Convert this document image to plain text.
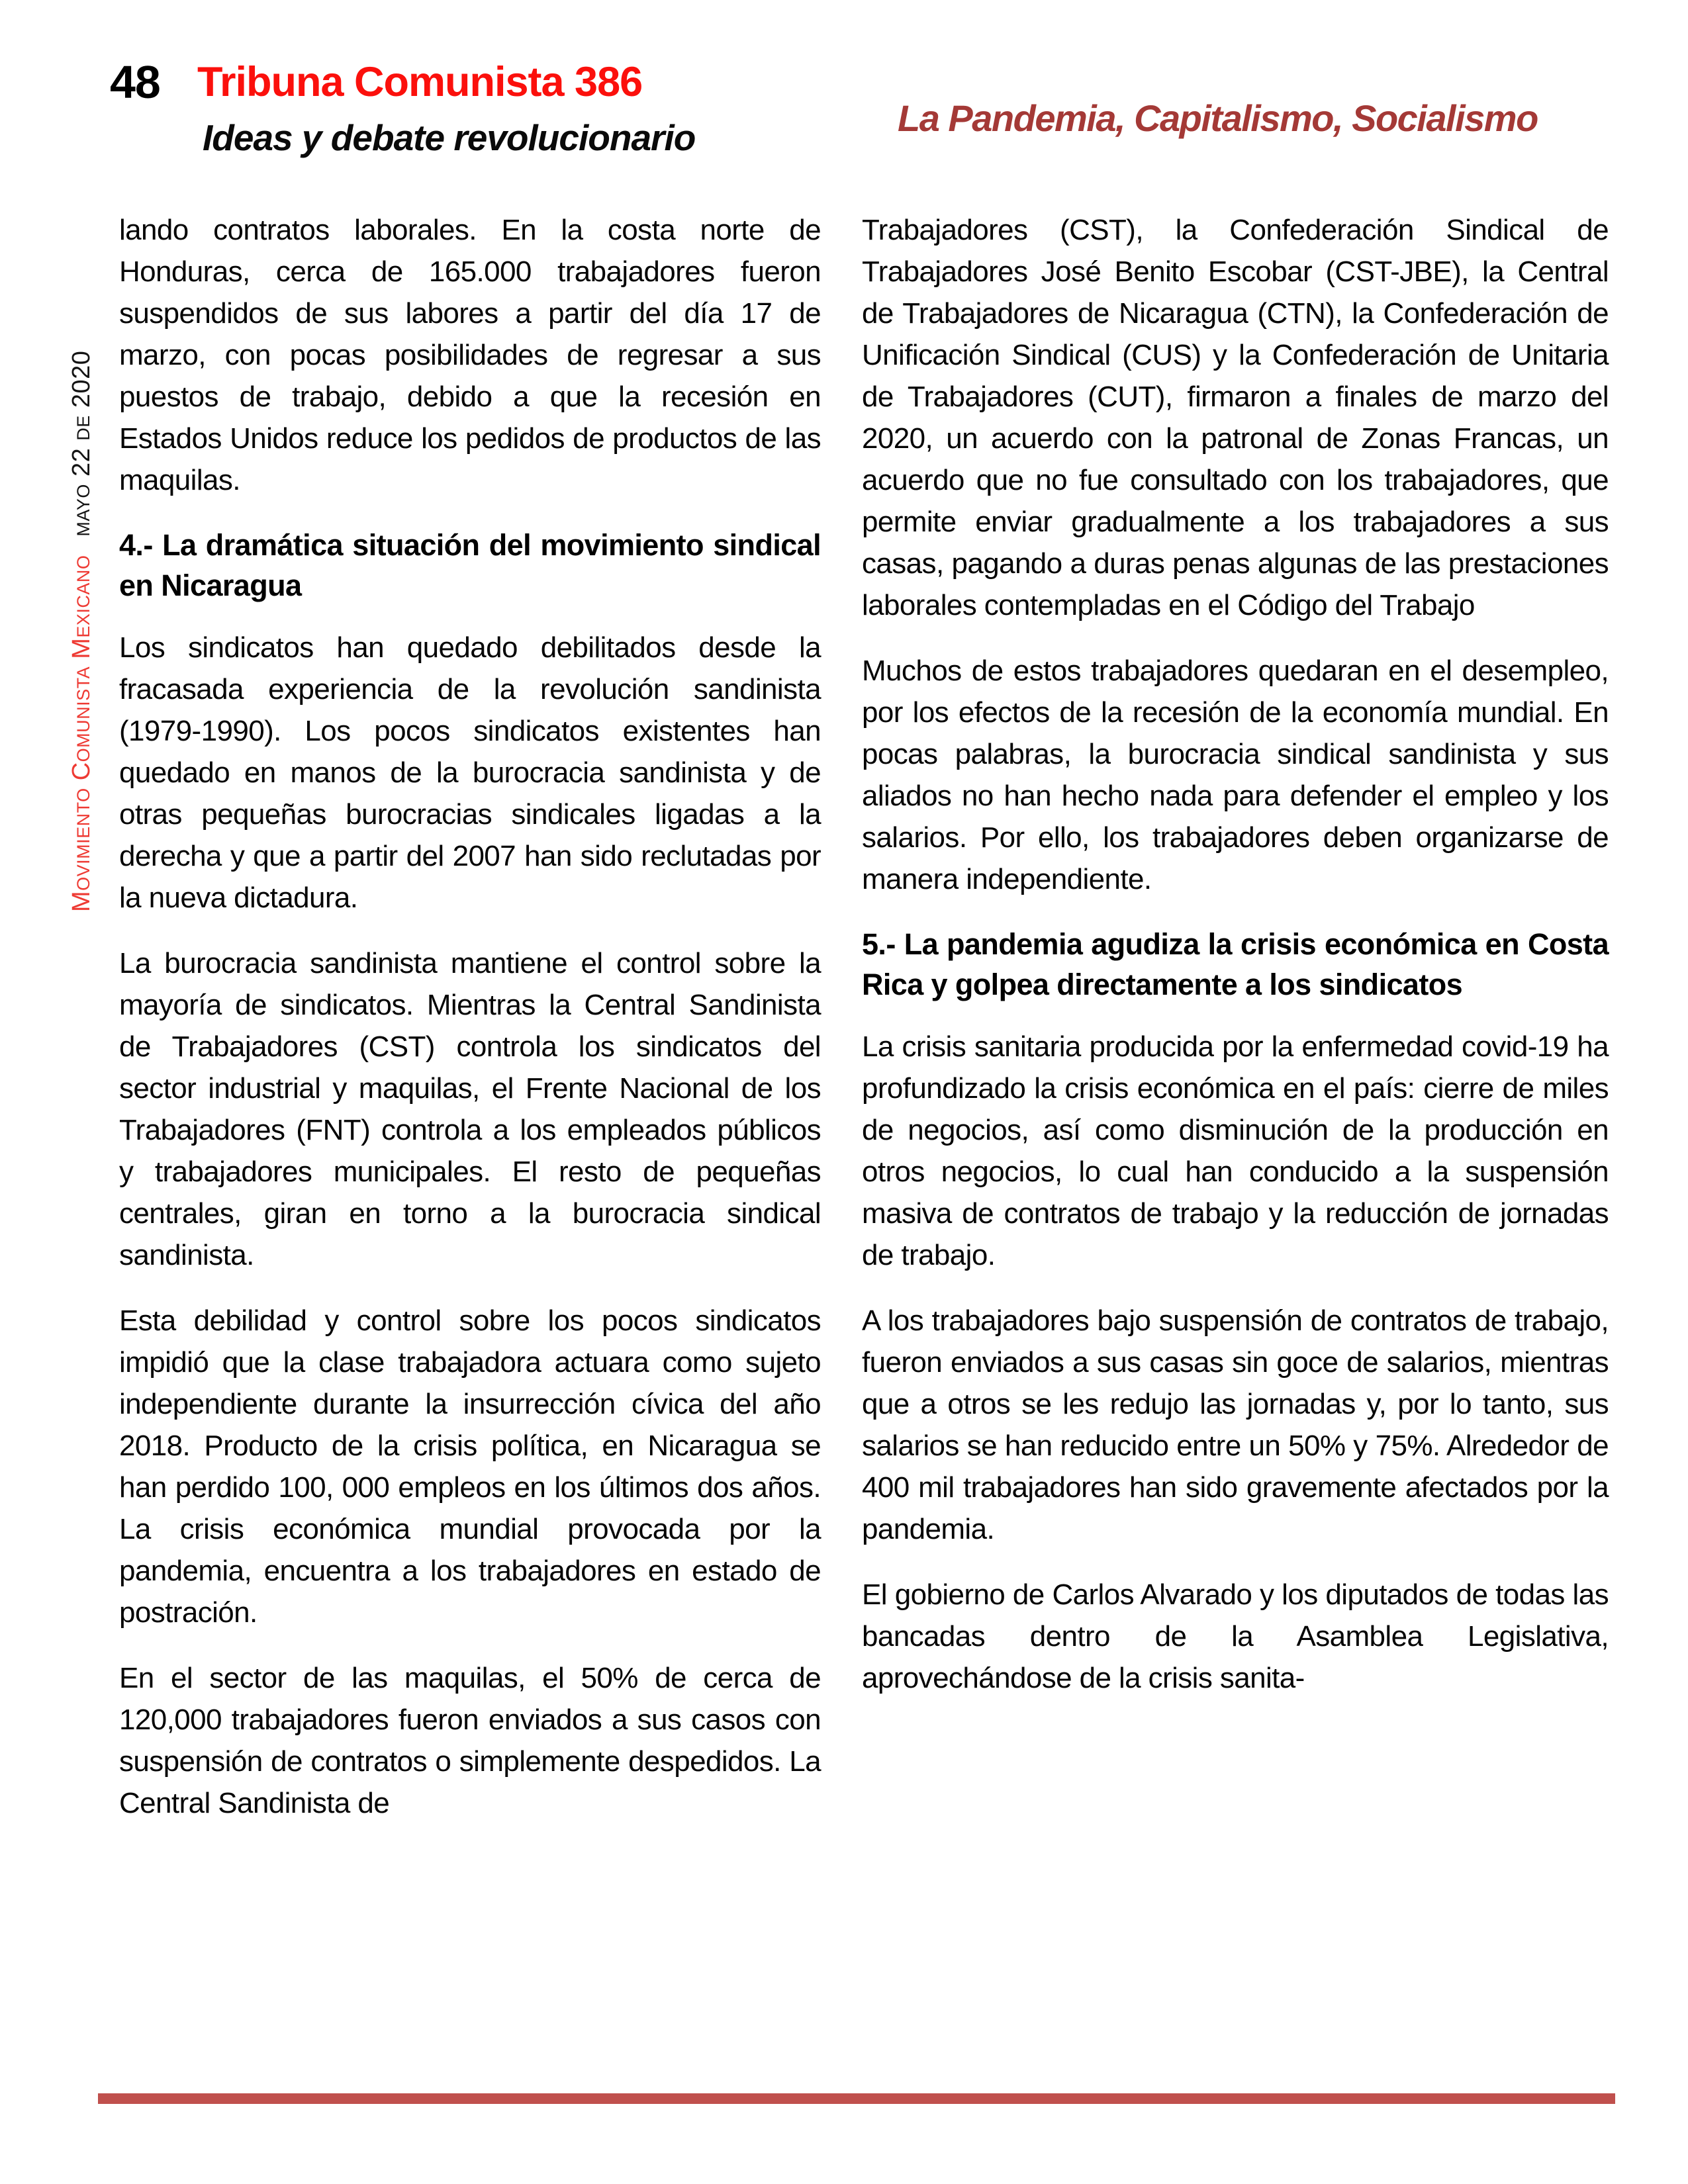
48 Tribuna Comunista 386
Ideas y debate revolucionario	La Pandemia, Capitalismo, Socialismo
Movimiento Comunista Mexicanomayo 22 de 2020

lando contratos laborales. En la costa norte de Honduras, cerca de 165.000 trabajadores fueron suspendidos de sus labores a partir del día 17 de marzo, con pocas posibilidades de regresar a sus puestos de trabajo, debido a que la recesión en Estados Unidos reduce los pedidos de productos de las maquilas.

4.- La dramática situación del movimiento sindical en Nicaragua

Los sindicatos han quedado debilitados desde la fracasada experiencia de la revolución sandinista (1979-1990). Los pocos sindicatos existentes han quedado en manos de la burocracia sandinista y de otras pequeñas burocracias sindicales ligadas a la derecha y que a partir del 2007 han sido reclutadas por la nueva dictadura.

La burocracia sandinista mantiene el control sobre la mayoría de sindicatos. Mientras la Central Sandinista de Trabajadores (CST) controla los sindicatos del sector industrial y maquilas, el Frente Nacional de los Trabajadores (FNT) controla a los empleados públicos y trabajadores municipales. El resto de pequeñas centrales, giran en torno a la burocracia sindical sandinista.

Esta debilidad y control sobre los pocos sindicatos impidió que la clase trabajadora actuara como sujeto independiente durante la insurrección cívica del año 2018. Producto de la crisis política, en Nicaragua se han perdido 100, 000 empleos en los últimos dos años. La crisis económica mundial provocada por la pandemia, encuentra a los trabajadores en estado de postración.

En el sector de las maquilas, el 50% de cerca de 120,000 trabajadores fueron enviados a sus casos con suspensión de contratos o simplemente despedidos. La Central Sandinista de

Trabajadores (CST), la Confederación Sindical de Trabajadores José Benito Escobar (CST-JBE), la Central de Trabajadores de Nicaragua (CTN), la Confederación de Unificación Sindical (CUS) y la Confederación de Unitaria de Trabajadores (CUT), firmaron a finales de marzo del 2020, un acuerdo con la patronal de Zonas Francas, un acuerdo que no fue consultado con los trabajadores, que permite enviar gradualmente a los trabajadores a sus casas, pagando a duras penas algunas de las prestaciones laborales contempladas en el Código del Trabajo

Muchos de estos trabajadores quedaran en el desempleo, por los efectos de la recesión de la economía mundial. En pocas palabras, la burocracia sindical sandinista y sus aliados no han hecho nada para defender el empleo y los salarios. Por ello, los trabajadores deben organizarse de manera independiente.

5.- La pandemia agudiza la crisis económica en Costa Rica y golpea directamente a los sindicatos

La crisis sanitaria producida por la enfermedad covid-19 ha profundizado la crisis económica en el país: cierre de miles de negocios, así como disminución de la producción en otros negocios, lo cual han conducido a la suspensión masiva de contratos de trabajo y la reducción de jornadas de trabajo.

A los trabajadores bajo suspensión de contratos de trabajo, fueron enviados a sus casas sin goce de salarios, mientras que a otros se les redujo las jornadas y, por lo tanto, sus salarios se han reducido entre un 50% y 75%. Alrededor de 400 mil trabajadores han sido gravemente afectados por la pandemia.

El gobierno de Carlos Alvarado y los diputados de todas las bancadas dentro de la Asamblea Legislativa, aprovechándose de la crisis sanita-
